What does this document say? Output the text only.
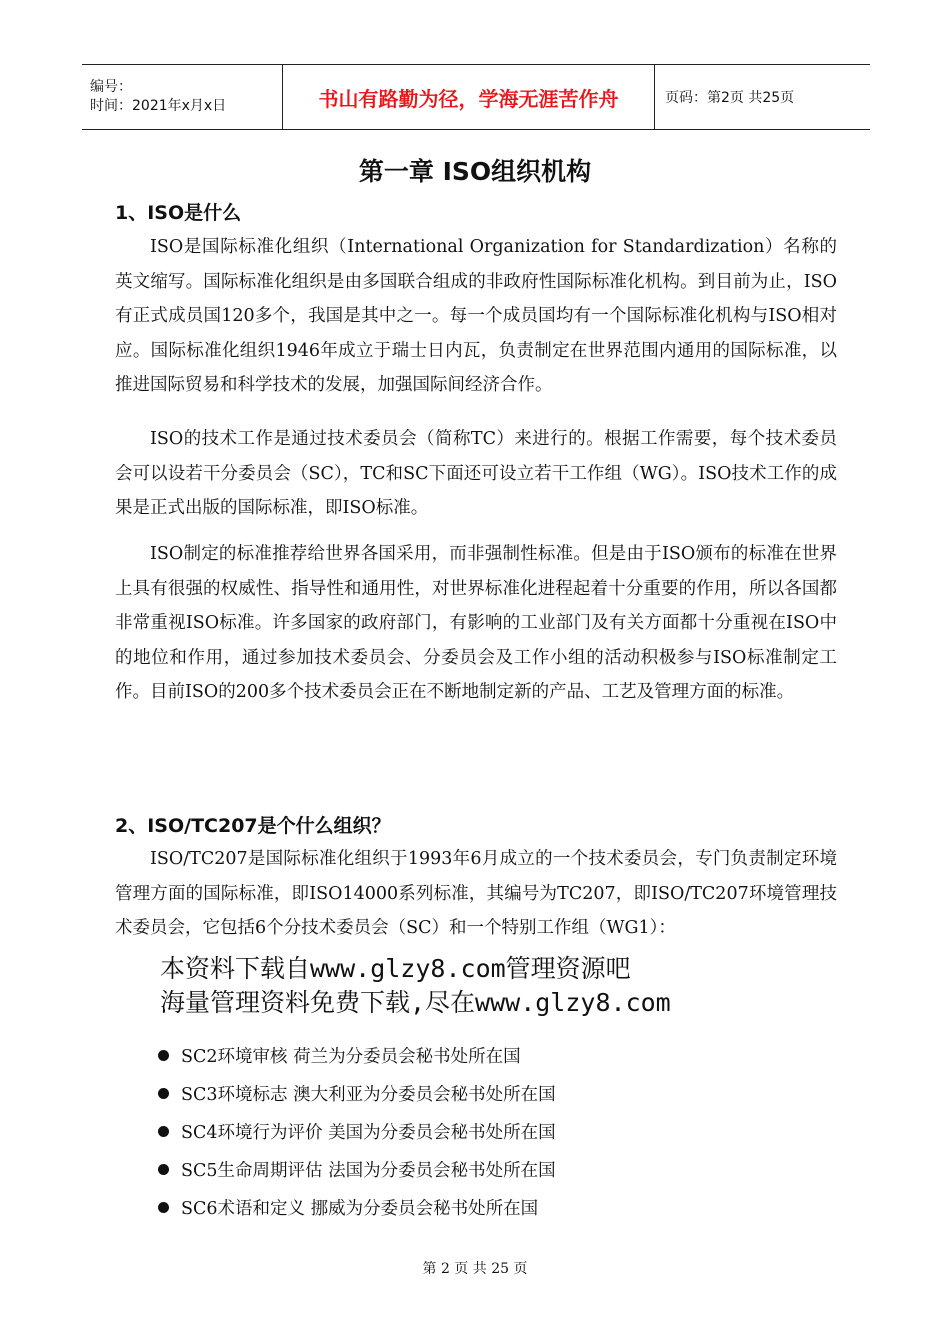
编号：
时间：2021年x月x日	书山有路勤为径，学海无涯苦作舟	页码：第2页 共25页
第一章 ISO组织机构
1、ISO是什么

ISO是国际标准化组织（International Organization for Standardization）名称的英文缩写。国际标准化组织是由多国联合组成的非政府性国际标准化机构。到目前为止，ISO有正式成员国120多个，我国是其中之一。每一个成员国均有一个国际标准化机构与ISO相对应。国际标准化组织1946年成立于瑞士日内瓦，负责制定在世界范围内通用的国际标准，以推进国际贸易和科学技术的发展，加强国际间经济合作。

ISO的技术工作是通过技术委员会（简称TC）来进行的。根据工作需要，每个技术委员会可以设若干分委员会（SC），TC和SC下面还可设立若干工作组（WG）。ISO技术工作的成果是正式出版的国际标准，即ISO标准。

ISO制定的标准推荐给世界各国采用，而非强制性标准。但是由于ISO颁布的标准在世界上具有很强的权威性、指导性和通用性，对世界标准化进程起着十分重要的作用，所以各国都非常重视ISO标准。许多国家的政府部门，有影响的工业部门及有关方面都十分重视在ISO中的地位和作用，通过参加技术委员会、分委员会及工作小组的活动积极参与ISO标准制定工作。目前ISO的200多个技术委员会正在不断地制定新的产品、工艺及管理方面的标准。

2、ISO/TC207是个什么组织？

ISO/TC207是国际标准化组织于1993年6月成立的一个技术委员会，专门负责制定环境管理方面的国际标准，即ISO14000系列标准，其编号为TC207，即ISO/TC207环境管理技术委员会，它包括6个分技术委员会（SC）和一个特别工作组（WG1）：

本资料下载自www.glzy8.com管理资源吧
海量管理资料免费下载,尽在www.glzy8.com
SC2环境审核 荷兰为分委员会秘书处所在国
SC3环境标志 澳大利亚为分委员会秘书处所在国
SC4环境行为评价 美国为分委员会秘书处所在国
SC5生命周期评估 法国为分委员会秘书处所在国
SC6术语和定义 挪威为分委员会秘书处所在国
第 2 页 共 25 页
